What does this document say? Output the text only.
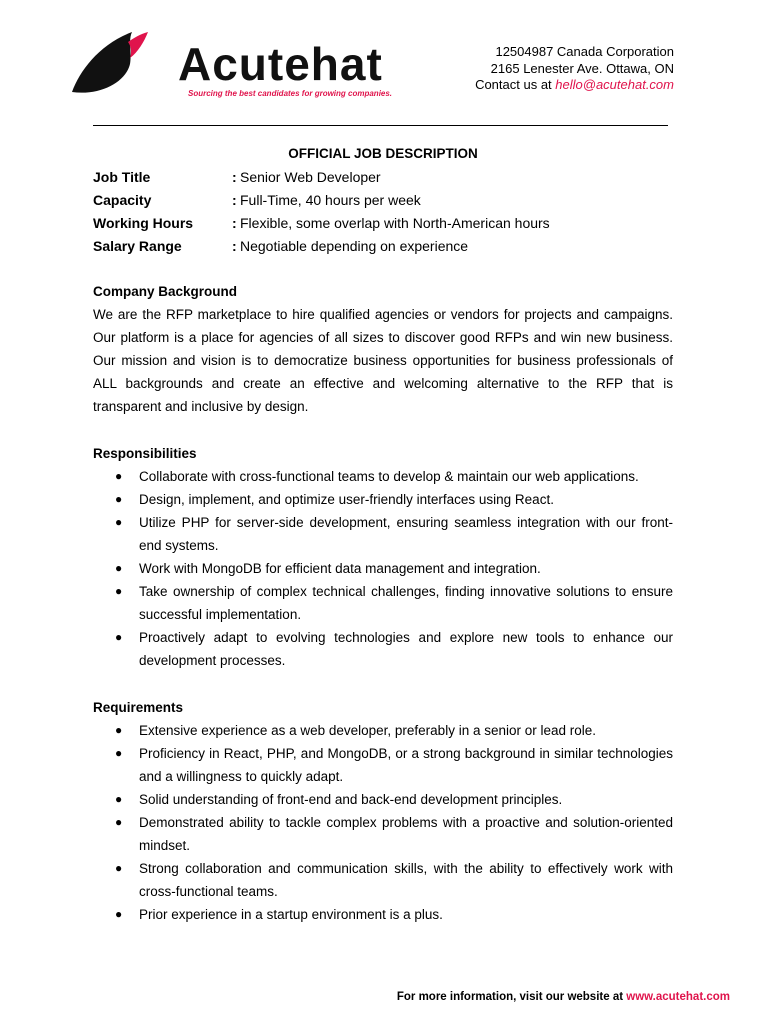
Acutehat
Sourcing the best candidates for growing companies.
12504987 Canada Corporation
2165 Lenester Ave. Ottawa, ON
Contact us at hello@acutehat.com
OFFICIAL JOB DESCRIPTION
Job Title	: Senior Web Developer
Capacity	: Full-Time, 40 hours per week
Working Hours	: Flexible, some overlap with North-American hours
Salary Range	: Negotiable depending on experience
Company Background
We are the RFP marketplace to hire qualified agencies or vendors for projects and campaigns. Our platform is a place for agencies of all sizes to discover good RFPs and win new business. Our mission and vision is to democratize business opportunities for business professionals of ALL backgrounds and create an effective and welcoming alternative to the RFP that is transparent and inclusive by design.
Responsibilities
● Collaborate with cross-functional teams to develop & maintain our web applications.
● Design, implement, and optimize user-friendly interfaces using React.
● Utilize PHP for server-side development, ensuring seamless integration with our front-end systems.
● Work with MongoDB for efficient data management and integration.
● Take ownership of complex technical challenges, finding innovative solutions to ensure successful implementation.
● Proactively adapt to evolving technologies and explore new tools to enhance our development processes.
Requirements
● Extensive experience as a web developer, preferably in a senior or lead role.
● Proficiency in React, PHP, and MongoDB, or a strong background in similar technologies and a willingness to quickly adapt.
● Solid understanding of front-end and back-end development principles.
● Demonstrated ability to tackle complex problems with a proactive and solution-oriented mindset.
● Strong collaboration and communication skills, with the ability to effectively work with cross-functional teams.
● Prior experience in a startup environment is a plus.
For more information, visit our website at www.acutehat.com
